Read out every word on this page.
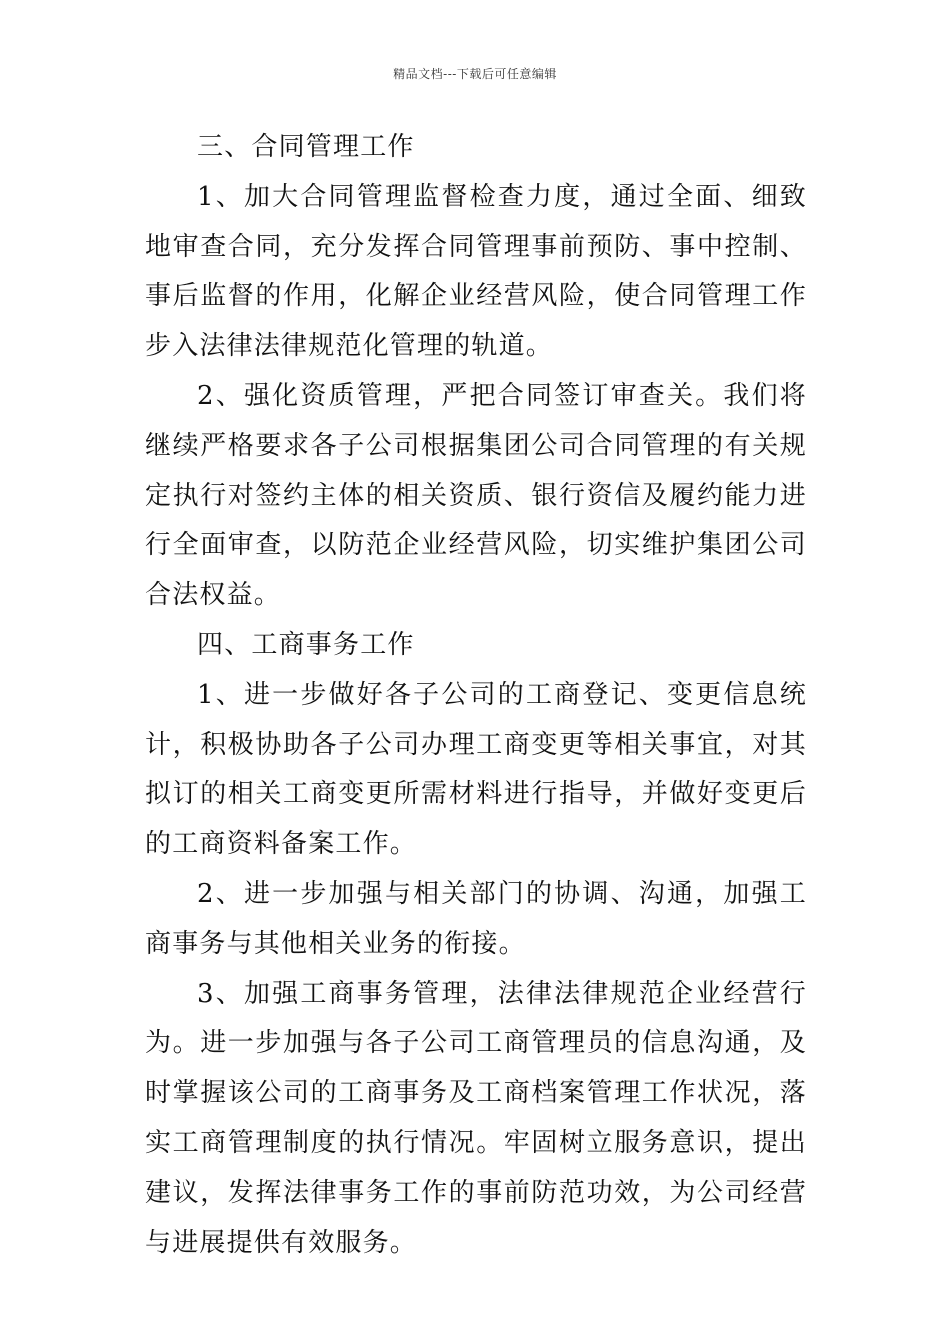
精品文档---下载后可任意编辑

三、合同管理工作

1、加大合同管理监督检查力度，通过全面、细致地审查合同，充分发挥合同管理事前预防、事中控制、事后监督的作用，化解企业经营风险，使合同管理工作步入法律法律规范化管理的轨道。

2、强化资质管理，严把合同签订审查关。我们将继续严格要求各子公司根据集团公司合同管理的有关规定执行对签约主体的相关资质、银行资信及履约能力进行全面审查，以防范企业经营风险，切实维护集团公司合法权益。

四、工商事务工作

1、进一步做好各子公司的工商登记、变更信息统计，积极协助各子公司办理工商变更等相关事宜，对其拟订的相关工商变更所需材料进行指导，并做好变更后的工商资料备案工作。

2、进一步加强与相关部门的协调、沟通，加强工商事务与其他相关业务的衔接。

3、加强工商事务管理，法律法律规范企业经营行为。进一步加强与各子公司工商管理员的信息沟通，及时掌握该公司的工商事务及工商档案管理工作状况，落实工商管理制度的执行情况。牢固树立服务意识，提出建议，发挥法律事务工作的事前防范功效，为公司经营与进展提供有效服务。
